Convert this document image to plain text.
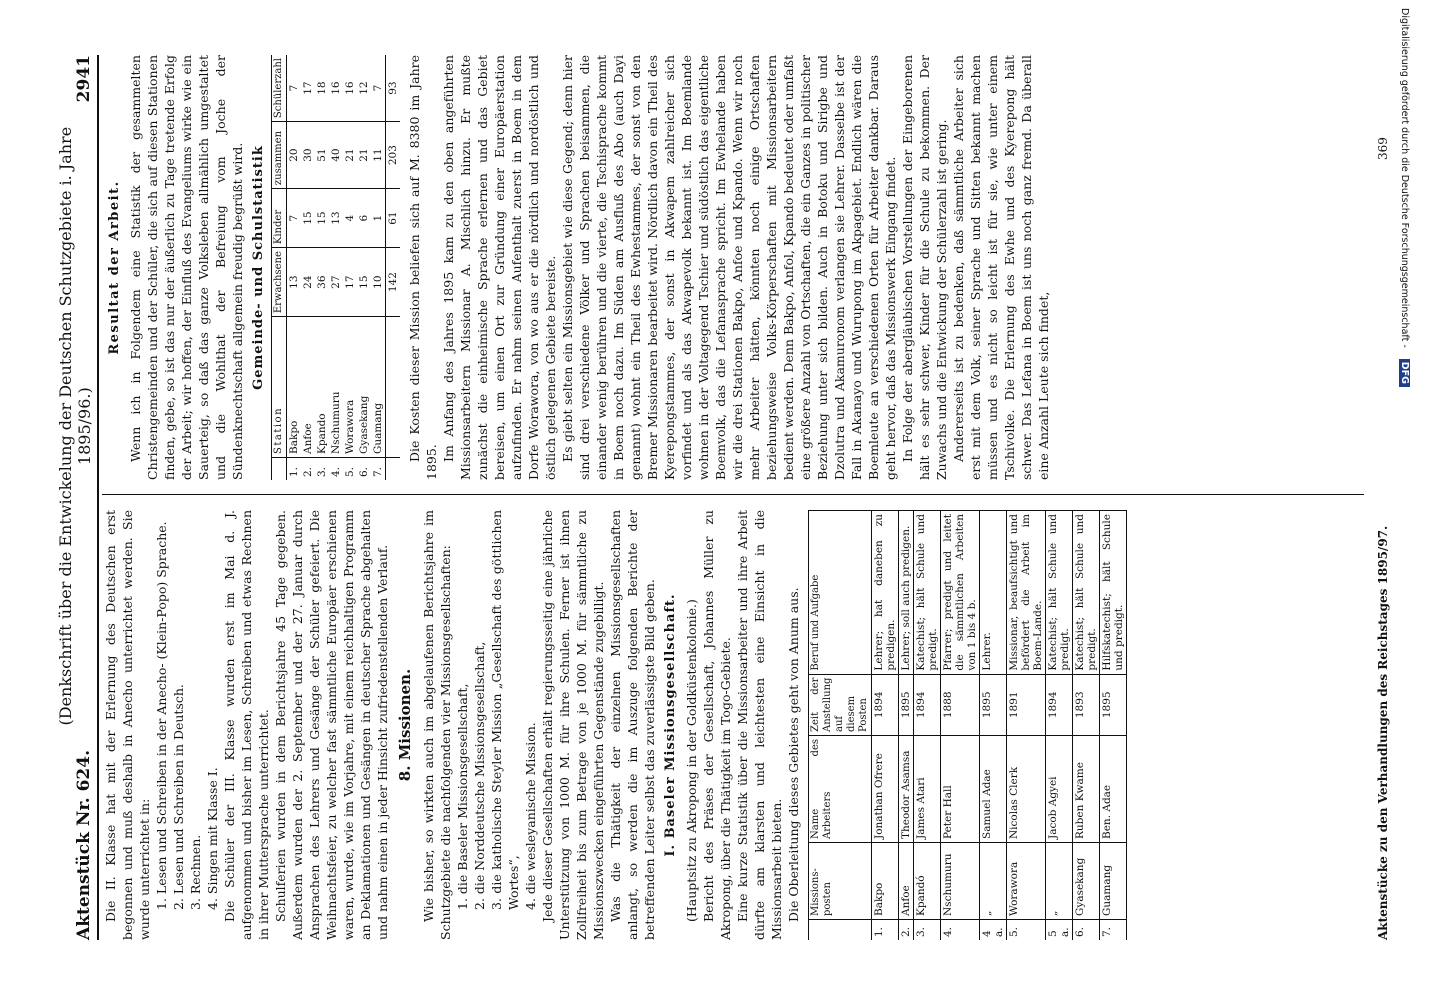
Aktenstück Nr. 624.
(Denkschrift über die Entwickelung der Deutschen Schutzgebiete i. Jahre 1895/96.)
2941

Die II. Klasse hat mit der Erlernung des Deutschen erst begonnen und muß deshalb in Anecho unterrichtet werden. Sie wurde unterrichtet in: 1. Lesen und Schreiben in der Anecho- (Klein-Popo) Sprache. 2. Lesen und Schreiben in Deutsch. 3. Rechnen. 4. Singen mit Klasse I. Die Schüler der III. Klasse wurden erst im Mai d. J. aufgenommen und bisher im Lesen, Schreiben und etwas Rechnen in ihrer Muttersprache unterrichtet. Schulferien wurden in dem Berichtsjahre 45 Tage gegeben. Außerdem wurden der 2. September und der 27. Januar durch Ansprachen des Lehrers und Gesänge der Schüler gefeiert. Die Weihnachtsfeier, zu welcher fast sämmtliche Europäer erschienen waren, wurde, wie im Vorjahre, mit einem reichhaltigen Programm an Deklamationen und Gesängen in deutscher Sprache abgehalten und nahm einen in jeder Hinsicht zufriedenstellenden Verlauf. 8. Missionen. Wie bisher, so wirkten auch im abgelaufenen Berichtsjahre im Schutzgebiete die nachfolgenden vier Missionsgesellschaften: 1. die Baseler Missionsgesellschaft, 2. die Norddeutsche Missionsgesellschaft, 3. die katholische Steyler Mission „Gesellschaft des göttlichen Wortes“, 4. die wesleyanische Mission. Jede dieser Gesellschaften erhält regierungsseitig eine jährliche Unterstützung von 1000 M. für ihre Schulen. Ferner ist ihnen Zollfreiheit bis zum Betrage von je 1000 M. für sämmtliche zu Missionszwecken eingeführten Gegenstände zugebilligt. Was die Thätigkeit der einzelnen Missionsgesellschaften anlangt, so werden die im Auszuge folgenden Berichte der betreffenden Leiter selbst das zuverlässigste Bild geben. I. Baseler Missionsgesellschaft. (Hauptsitz zu Akropong in der Goldküstenkolonie.) Bericht des Präses der Gesellschaft, Johannes Müller zu Akropong, über die Thätigkeit im Togo-Gebiete. Eine kurze Statistik über die Missionsarbeiter und ihre Arbeit dürfte am klarsten und leichtesten eine Einsicht in die Missionsarbeit bieten. Die Oberleitung dieses Gebietes geht von Anum aus.

	Missions-posten	Name des Arbeiters	Zeit der Anstellung auf diesem Posten	Beruf und Aufgabe
1.	Bakpo	Jonathan Ofrere	1894	Lehrer; hat daneben zu predigen.
2.	Anfoe	Theodor Asamsa	1895	Lehrer; soll auch predigen.
3.	Kpandó	James Atari	1894	Katechist; hält Schule und predigt.
4.	Nschumuru	Peter Hall	1888	Pfarrer; predigt und leitet die sämmtlichen Arbeiten von 1 bis 4 b.
4 a.	„	Samuel Adae	1895	Lehrer.
5.	Worawora	Nicolas Clerk	1891	Missionar, beaufsichtigt und befördert die Arbeit im Boem-Lande.
5 a.	„	Jacob Agyei	1894	Katechist; hält Schule und predigt.
6.	Gyasekang	Ruben Kwame	1893	Katechist; hält Schule und predigt.
7.	Guamang	Ben. Adae	1895	Hilfskatechist; hält Schule und predigt.

Resultat der Arbeit. Wenn ich in Folgendem eine Statistik der gesammelten Christengemeinden und der Schüler, die sich auf diesen Stationen finden, gebe, so ist das nur der äußerlich zu Tage tretende Erfolg der Arbeit; wir hoffen, der Einfluß des Evangeliums wirke wie ein Sauerteig, so daß das ganze Volksleben allmählich umgestaltet und die Wohlthat der Befreiung vom Joche der Sündenknechtschaft allgemein freudig begrüßt wird. Gemeinde- und Schulstatistik

	Station	Erwachsene	Kinder	zusammen	Schülerzahl
1.	Bakpo	13	7	20	7
2.	Anfoe	24	15	30	17
3.	Kpando	36	15	51	18
4.	Nschumuru	27	13	40	16
5.	Worawora	17	4	21	16
6.	Gyasekang	15	6	21	12
7.	Guamang	10	1	11	7
		142	61	203	93 Die Kosten dieser Mission beliefen sich auf M. 8380 im Jahre 1895.

Im Anfang des Jahres 1895 kam zu den oben angeführten Missionsarbeitern Missionar A. Mischlich hinzu. Er mußte zunächst die einheimische Sprache erlernen und das Gebiet bereisen, um einen Ort zur Gründung einer Europäerstation aufzufinden. Er nahm seinen Aufenthalt zuerst in Boem in dem Dorfe Worawora, von wo aus er die nördlich und nordöstlich und östlich gelegenen Gebiete bereiste. Es giebt selten ein Missionsgebiet wie diese Gegend; denn hier sind drei verschiedene Völker und Sprachen beisammen, die einander wenig berühren und die vierte, die Tschisprache kommt in Boem noch dazu. Im Süden am Ausfluß des Abo (auch Dayi genannt) wohnt ein Theil des Ewhestammes, der sonst von den Bremer Missionaren bearbeitet wird. Nördlich davon ein Theil des Kyerepongstammes, der sonst in Akwapem zahlreicher sich vorfindet und als das Akwapevolk bekannt ist. Im Boemlande wohnen in der Voltagegend Tschier und südöstlich das eigentliche Boemvolk, das die Lefanasprache spricht. Im Ewhelande haben wir die drei Stationen Bakpo, Anfoe und Kpando. Wenn wir noch mehr Arbeiter hätten, könnten noch einige Ortschaften beziehungsweise Volks-Körperschaften mit Missionsarbeitern bedient werden. Denn Bakpo, Anfol, Kpando bedeutet oder umfaßt eine größere Anzahl von Ortschaften, die ein Ganzes in politischer Beziehung unter sich bilden. Auch in Botoku und Sirigbe und Dzolutra und Akamuronom verlangen sie Lehrer. Dasselbe ist der Fall in Akanayo und Wurupong im Akpagebiet. Endlich wären die Boemleute an verschiedenen Orten für Arbeiter dankbar. Daraus geht hervor, daß das Missionswerk Eingang findet. In Folge der abergläubischen Vorstellungen der Eingeborenen hält es sehr schwer, Kinder für die Schule zu bekommen. Der Zuwachs und die Entwickung der Schülerzahl ist gering. Andererseits ist zu bedenken, daß sämmtliche Arbeiter sich erst mit dem Volk, seiner Sprache und Sitten bekannt machen müssen und es nicht so leicht ist für sie, wie unter einem Tschivolke. Die Erlernung des Ewhe und des Kyerepong hält schwer. Das Lefana in Boem ist uns noch ganz fremd. Da überall eine Anzahl Leute sich findet,

Aktenstücke zu den Verhandlungen des Reichstages 1895/97.
369 Digitalisierung gefördert durch die Deutsche Forschungsgemeinschaft - DFG
